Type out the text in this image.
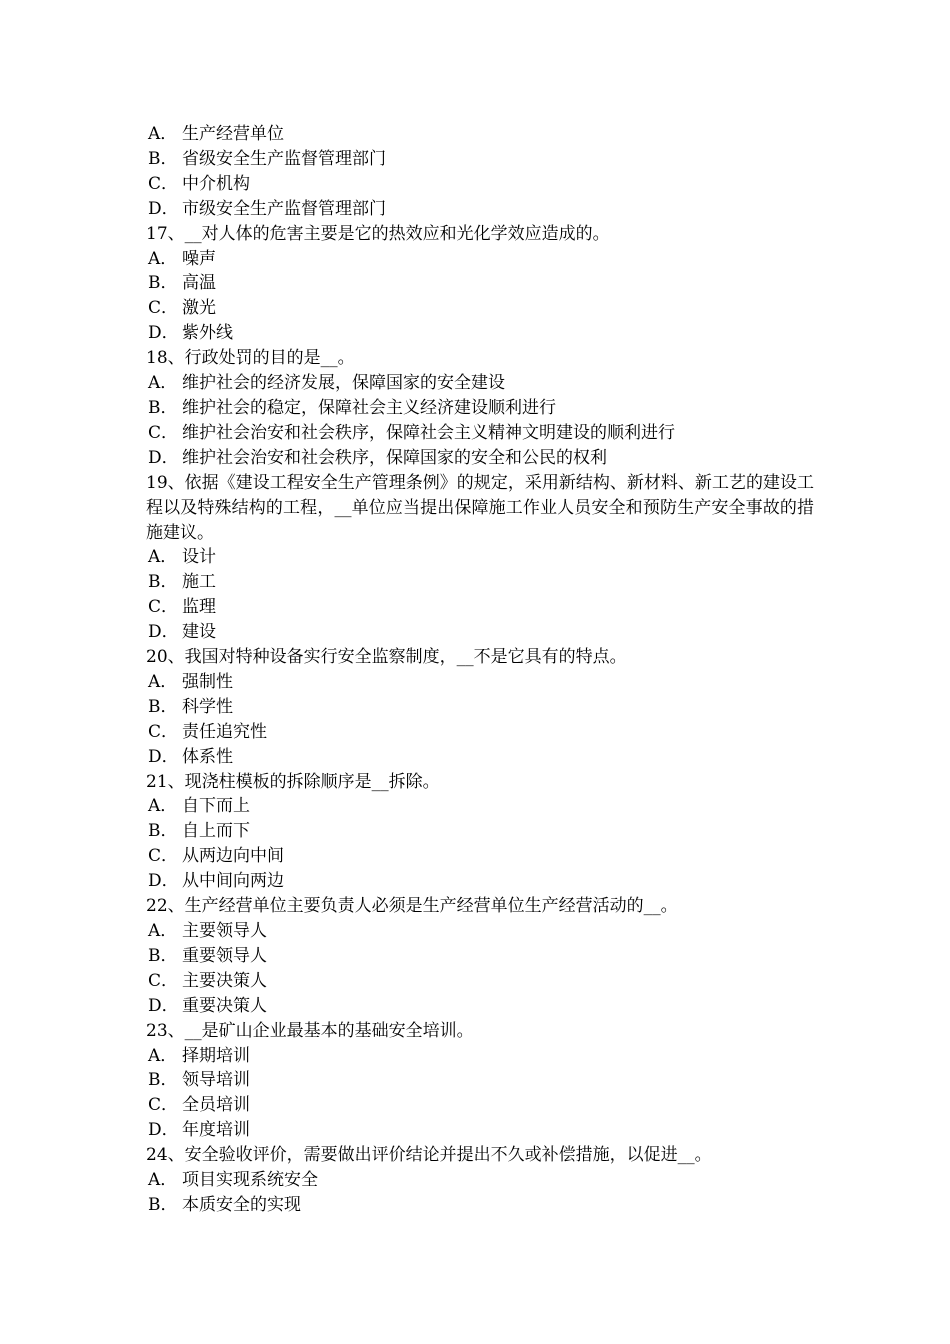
A． 生产经营单位

B． 省级安全生产监督管理部门

C． 中介机构

D． 市级安全生产监督管理部门

17、__对人体的危害主要是它的热效应和光化学效应造成的。

A． 噪声

B． 高温

C． 激光

D． 紫外线

18、行政处罚的目的是__。

A． 维护社会的经济发展，保障国家的安全建设

B． 维护社会的稳定，保障社会主义经济建设顺利进行

C． 维护社会治安和社会秩序，保障社会主义精神文明建设的顺利进行

D． 维护社会治安和社会秩序，保障国家的安全和公民的权利

19、依据《建设工程安全生产管理条例》的规定，采用新结构、新材料、新工艺的建设工程以及特殊结构的工程，__单位应当提出保障施工作业人员安全和预防生产安全事故的措施建议。

A． 设计

B． 施工

C． 监理

D． 建设

20、我国对特种设备实行安全监察制度，__不是它具有的特点。

A． 强制性

B． 科学性

C． 责任追究性

D． 体系性

21、现浇柱模板的拆除顺序是__拆除。

A． 自下而上

B． 自上而下

C． 从两边向中间

D． 从中间向两边

22、生产经营单位主要负责人必须是生产经营单位生产经营活动的__。

A． 主要领导人

B． 重要领导人

C． 主要决策人

D． 重要决策人

23、__是矿山企业最基本的基础安全培训。

A． 择期培训

B． 领导培训

C． 全员培训

D． 年度培训

24、安全验收评价，需要做出评价结论并提出不久或补偿措施，以促进__。

A． 项目实现系统安全

B． 本质安全的实现
